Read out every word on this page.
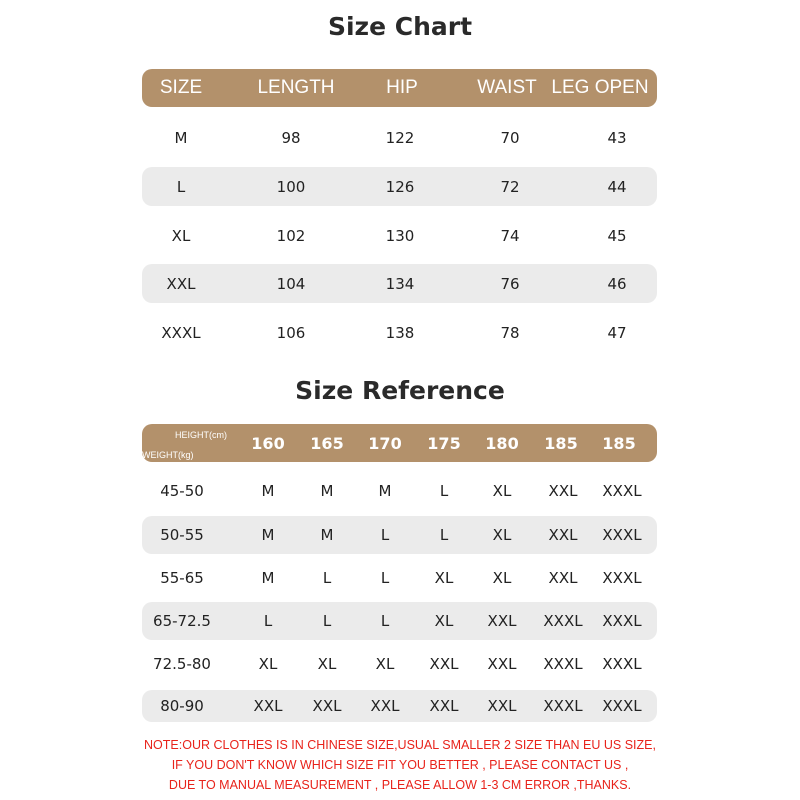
Size Chart
SIZE	LENGTH	HIP	WAIST LEG OPEN
M	98	122	70	43
L	100	126	72	44
XL	102	130	74	45
XXL	104	134	76	46
XXXL	106	138	78	47
Size Reference
HEIGHT(cm)
WEIGHT(kg)
160 165 170 175 180 185 185
45-50	M	M	M	L	XL XXL XXXL
50-55	M	M	L	L	XL XXL XXXL
55-65	M	L	L	XL	XL XXL XXXL
65-72.5	L	L	L	XL XXL XXXL XXXL
72.5-80	XL	XL	XL XXL XXL XXXL XXXL
80-90	XXL XXL XXL XXL XXL XXXL XXXL
NOTE:OUR CLOTHES IS IN CHINESE SIZE,USUAL SMALLER 2 SIZE THAN EU US SIZE,
IF YOU DON'T KNOW WHICH SIZE FIT YOU BETTER , PLEASE CONTACT US ,
DUE TO MANUAL MEASUREMENT , PLEASE ALLOW 1-3 CM ERROR ,THANKS.
